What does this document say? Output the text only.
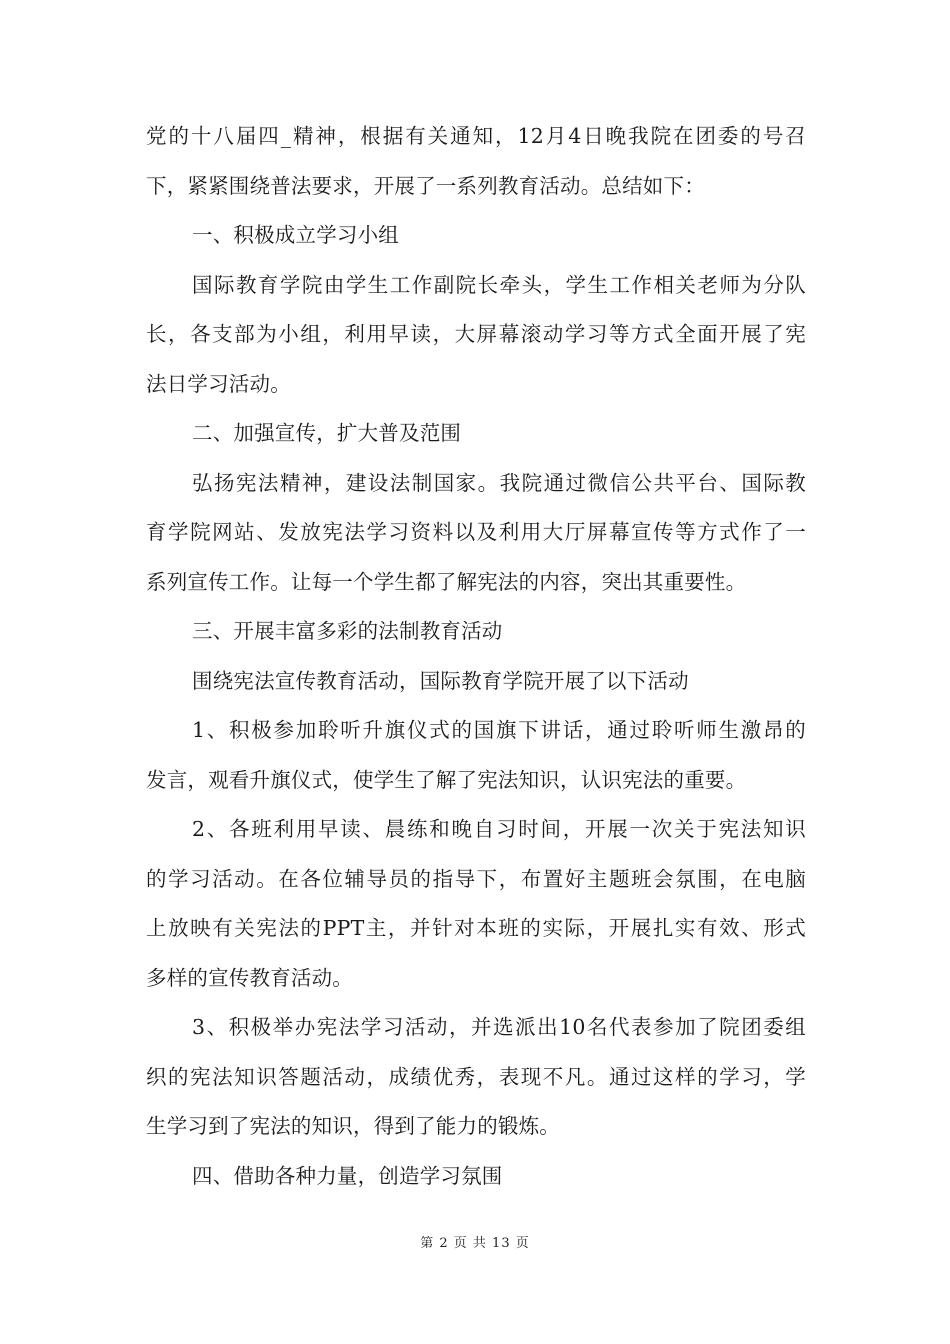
党的十八届四_精神，根据有关通知，12月4日晚我院在团委的号召
下，紧紧围绕普法要求，开展了一系列教育活动。总结如下：
一、积极成立学习小组
国际教育学院由学生工作副院长牵头，学生工作相关老师为分队
长，各支部为小组，利用早读，大屏幕滚动学习等方式全面开展了宪
法日学习活动。
二、加强宣传，扩大普及范围
弘扬宪法精神，建设法制国家。我院通过微信公共平台、国际教
育学院网站、发放宪法学习资料以及利用大厅屏幕宣传等方式作了一
系列宣传工作。让每一个学生都了解宪法的内容，突出其重要性。
三、开展丰富多彩的法制教育活动
围绕宪法宣传教育活动，国际教育学院开展了以下活动
1、积极参加聆听升旗仪式的国旗下讲话，通过聆听师生激昂的
发言，观看升旗仪式，使学生了解了宪法知识，认识宪法的重要。
2、各班利用早读、晨练和晚自习时间，开展一次关于宪法知识
的学习活动。在各位辅导员的指导下，布置好主题班会氛围，在电脑
上放映有关宪法的PPT主，并针对本班的实际，开展扎实有效、形式
多样的宣传教育活动。
3、积极举办宪法学习活动，并选派出10名代表参加了院团委组
织的宪法知识答题活动，成绩优秀，表现不凡。通过这样的学习，学
生学习到了宪法的知识，得到了能力的锻炼。
四、借助各种力量，创造学习氛围
第 2 页 共 13 页
